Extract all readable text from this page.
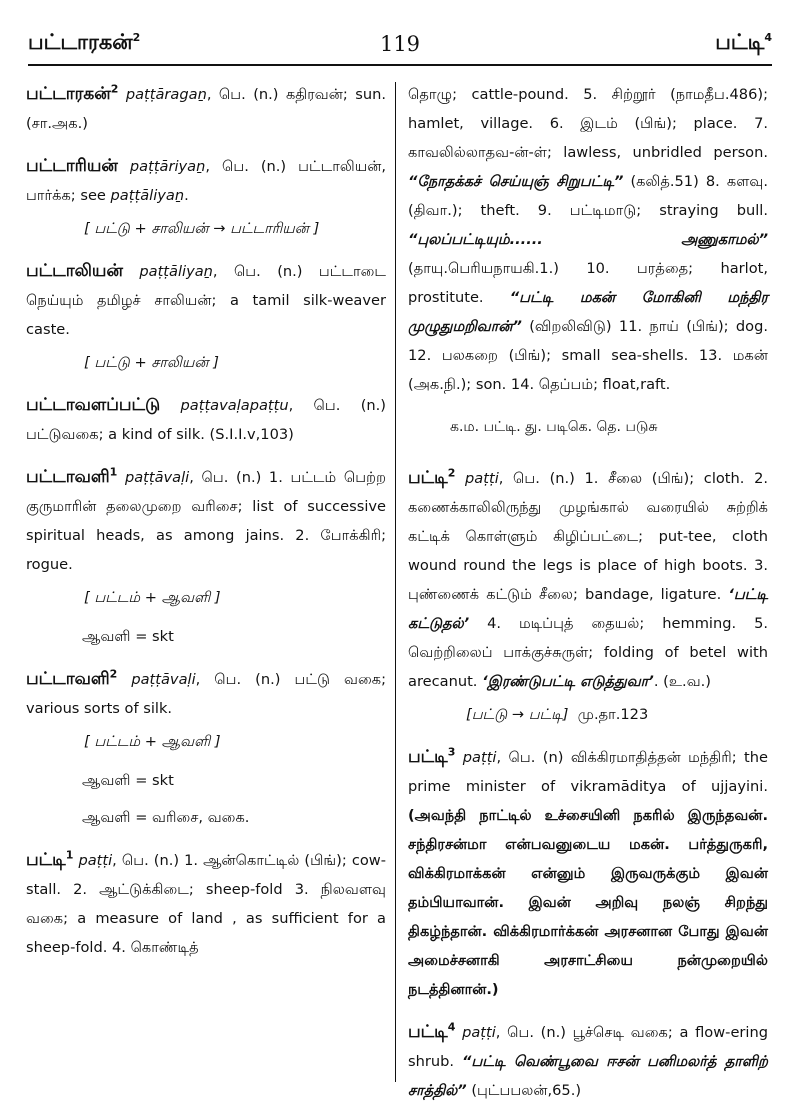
பட்டாரகன்$^2$	119	பட்டி$^4$
பட்டாரகன்$^2$ paṭṭāragaṉ, பெ. (n.) கதிரவன்; sun. (சா.அக.)
பட்டாரியன் paṭṭāriyaṉ, பெ. (n.) பட்டாலியன், பார்க்க; see paṭṭāliyaṉ.
[ பட்டு + சாலியன் → பட்டாரியன் ]
பட்டாலியன் paṭṭāliyaṉ, பெ. (n.) பட்டாடை நெய்யும் தமிழச் சாலியன்; a tamil silk-weaver caste.
[ பட்டு + சாலியன் ]
பட்டாவளப்பட்டு paṭṭavaḷapaṭṭu, பெ. (n.) பட்டுவகை; a kind of silk. (S.I.I.v,103)
பட்டாவளி$^1$ paṭṭāvaḷi, பெ. (n.) 1. பட்டம் பெற்ற குருமாரின் தலைமுறை வரிசை; list of successive spiritual heads, as among jains. 2. போக்கிரி; rogue.
[ பட்டம் + ஆவளி ]
ஆவளி = skt
பட்டாவளி$^2$ paṭṭāvaḷi, பெ. (n.) பட்டு வகை; various sorts of silk.
[ பட்டம் + ஆவளி ]
ஆவளி = skt
ஆவளி = வரிசை, வகை.
பட்டி$^1$ paṭṭi, பெ. (n.) 1. ஆன்கொட்டில் (பிங்); cow- stall. 2. ஆட்டுக்கிடை; sheep-fold 3. நிலவளவு வகை; a measure of land , as sufficient for a sheep-fold. 4. கொண்டித்
தொழு; cattle-pound. 5. சிற்றூர் (நாமதீப.486); hamlet, village. 6. இடம் (பிங்); place. 7. காவலில்லாதவ-ன்-ள்; lawless, unbridled person. “நோதக்கச் செய்யுஞ் சிறுபட்டி” (கலித்.51) 8. களவு.(திவா.); theft. 9. பட்டிமாடு; straying bull. “புலப்பட்டியும்...... அணுகாமல்” (தாயு.பெரியநாயகி.1.) 10. பரத்தை; harlot, prostitute. “பட்டி மகன் மோகினி மந்திர முழுதுமறிவான்” (விறலிவிடு) 11. நாய் (பிங்); dog. 12. பலகறை (பிங்); small sea-shells. 13. மகன் (அக.நி.); son. 14. தெப்பம்; float,raft.
க.ம. பட்டி. து. படிகெ. தெ. படுசு
பட்டி$^2$ paṭṭi, பெ. (n.) 1. சீலை (பிங்); cloth. 2. கணைக்காலிலிருந்து முழங்கால் வரையில் சுற்றிக் கட்டிக் கொள்ளும் கிழிப்பட்டை; put-tee, cloth wound round the legs is place of high boots. 3. புண்ணைக் கட்டும் சீலை; bandage, ligature. ‘பட்டி கட்டுதல்’ 4. மடிப்புத் தையல்; hemming. 5. வெற்றிலைப் பாக்குச்சுருள்; folding of betel with arecanut. ‘இரண்டுபட்டி எடுத்துவா’. (உ.வ.)
[பட்டு → பட்டி] மு.தா.123
பட்டி$^3$ paṭṭi, பெ. (n) விக்கிரமாதித்தன் மந்திரி; the prime minister of vikramāditya of ujjayini. (அவந்தி நாட்டில் உச்சையினி நகரில் இருந்தவன். சந்திரசன்மா என்பவனுடைய மகன். பர்த்துருகரி, விக்கிரமாக்கன் என்னும் இருவருக்கும் இவன் தம்பியாவான். இவன் அறிவு நலஞ் சிறந்து திகழ்ந்தான். விக்கிரமார்க்கன் அரசனான போது இவன் அமைச்சனாகி அரசாட்சியை நன்முறையில் நடத்தினான்.)
பட்டி$^4$ paṭṭi, பெ. (n.) பூச்செடி வகை; a flow-ering shrub. “பட்டி வெண்பூவை ஈசன் பனிமலர்த் தாளிற் சாத்தில்” (புட்பபலன்,65.)
